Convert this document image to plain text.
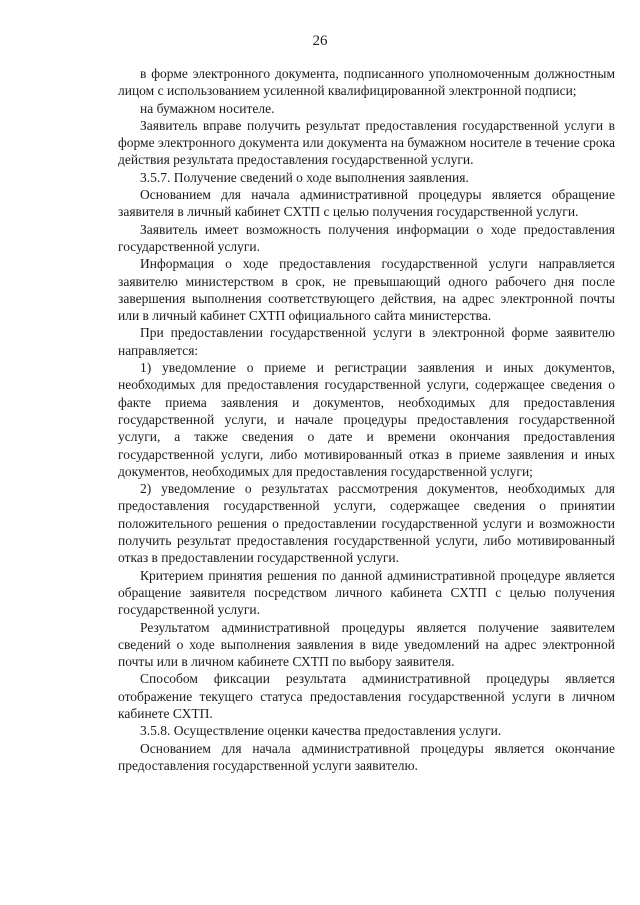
26

в форме электронного документа, подписанного уполномоченным должностным лицом с использованием усиленной квалифицированной электронной подписи;

на бумажном носителе.

Заявитель вправе получить результат предоставления государственной услуги в форме электронного документа или документа на бумажном носителе в течение срока действия результата предоставления государственной услуги.

3.5.7. Получение сведений о ходе выполнения заявления.

Основанием для начала административной процедуры является обращение заявителя в личный кабинет СХТП с целью получения государственной услуги.

Заявитель имеет возможность получения информации о ходе предоставления государственной услуги.

Информация о ходе предоставления государственной услуги направляется заявителю министерством в срок, не превышающий одного рабочего дня после завершения выполнения соответствующего действия, на адрес электронной почты или в личный кабинет СХТП официального сайта министерства.

При предоставлении государственной услуги в электронной форме заявителю направляется:

1) уведомление о приеме и регистрации заявления и иных документов, необходимых для предоставления государственной услуги, содержащее сведения о факте приема заявления и документов, необходимых для предоставления государственной услуги, и начале процедуры предоставления государственной услуги, а также сведения о дате и времени окончания предоставления государственной услуги, либо мотивированный отказ в приеме заявления и иных документов, необходимых для предоставления государственной услуги;

2) уведомление о результатах рассмотрения документов, необходимых для предоставления государственной услуги, содержащее сведения о принятии положительного решения о предоставлении государственной услуги и возможности получить результат предоставления государственной услуги, либо мотивированный отказ в предоставлении государственной услуги.

Критерием принятия решения по данной административной процедуре является обращение заявителя посредством личного кабинета СХТП с целью получения государственной услуги.

Результатом административной процедуры является получение заявителем сведений о ходе выполнения заявления в виде уведомлений на адрес электронной почты или в личном кабинете СХТП по выбору заявителя.

Способом фиксации результата административной процедуры является отображение текущего статуса предоставления государственной услуги в личном кабинете СХТП.

3.5.8. Осуществление оценки качества предоставления услуги.

Основанием для начала административной процедуры является окончание предоставления государственной услуги заявителю.
